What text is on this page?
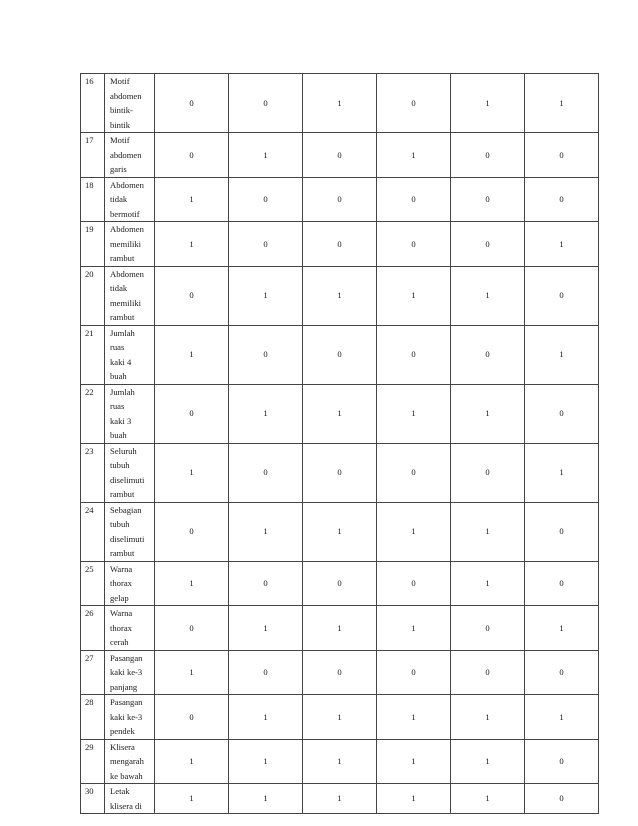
16	Motif
abdomen
bintik-
bintik	0	0	1	0	1	1
17	Motif
abdomen
garis	0	1	0	1	0	0
18	Abdomen
tidak
bermotif	1	0	0	0	0	0
19	Abdomen
memiliki
rambut	1	0	0	0	0	1
20	Abdomen
tidak
memiliki
rambut	0	1	1	1	1	0
21	Jumlah ruas
kaki 4 buah	1	0	0	0	0	1
22	Jumlah ruas
kaki 3 buah	0	1	1	1	1	0
23	Seluruh
tubuh
diselimuti
rambut	1	0	0	0	0	1
24	Sebagian
tubuh
diselimuti
rambut	0	1	1	1	1	0
25	Warna
thorax
gelap	1	0	0	0	1	0
26	Warna
thorax
cerah	0	1	1	1	0	1
27	Pasangan
kaki ke-3
panjang	1	0	0	0	0	0
28	Pasangan
kaki ke-3
pendek	0	1	1	1	1	1
29	Klisera
mengarah
ke bawah	1	1	1	1	1	0
30	Letak
klisera di	1	1	1	1	1	0
